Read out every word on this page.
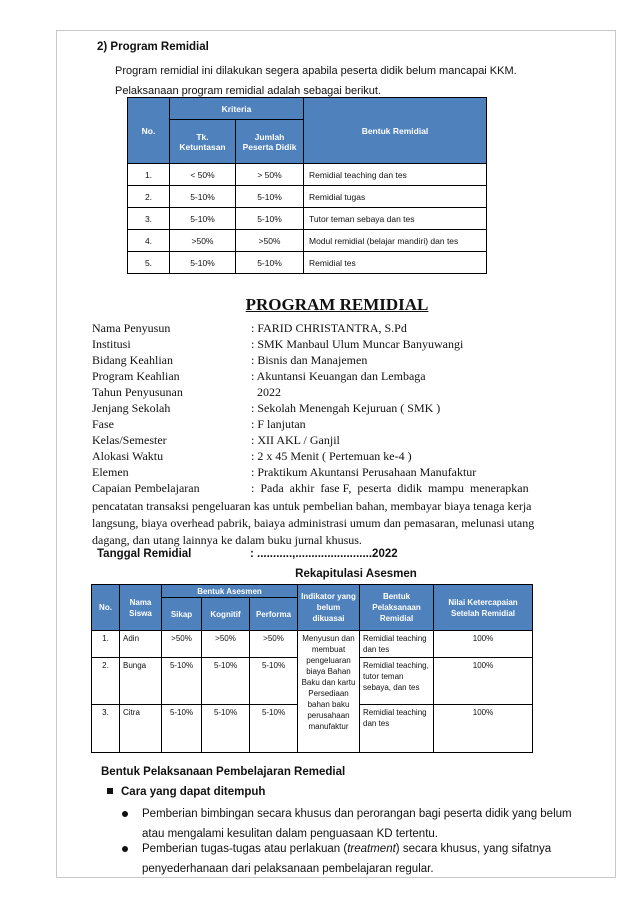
2) Program Remidial
Program remidial ini dilakukan segera apabila peserta didik belum mancapai KKM.
Pelaksanaan program remidial adalah sebagai berikut.
No.	Kriteria		Bentuk Remidial
	Tk. Ketuntasan	Jumlah Peserta Didik	
1.	< 50%	> 50%	Remidial teaching dan tes
2.	5-10%	5-10%	Remidial tugas
3.	5-10%	5-10%	Tutor teman sebaya dan tes
4.	>50%	>50%	Modul remidial (belajar mandiri) dan tes
5.	5-10%	5-10%	Remidial tes
PROGRAM REMIDIAL
Nama Penyusun	: FARID CHRISTANTRA, S.Pd
Institusi	: SMK Manbaul Ulum Muncar Banyuwangi
Bidang Keahlian	: Bisnis dan Manajemen
Program Keahlian	: Akuntansi Keuangan dan Lembaga
Tahun Penyusunan	2022
Jenjang Sekolah	: Sekolah Menengah Kejuruan ( SMK )
Fase	: F lanjutan
Kelas/Semester	: XII AKL / Ganjil
Alokasi Waktu	: 2 x 45 Menit ( Pertemuan ke-4 )
Elemen	: Praktikum Akuntansi Perusahaan Manufaktur
Capaian Pembelajaran	:  Pada  akhir  fase F,  peserta  didik  mampu  menerapkan
pencatatan transaksi pengeluaran kas untuk pembelian bahan, membayar biaya tenaga kerja
langsung, biaya overhead pabrik, baiaya administrasi umum dan pemasaran, melunasi utang
dagang, dan utang lainnya ke dalam buku jurnal khusus.
Tanggal Remidial	: ...........,........................2022
Rekapitulasi Asesmen
No.	Nama Siswa	Bentuk Asesmen			Indikator yang belum dikuasai	Bentuk Pelaksanaan Remidial	Nilai Ketercapaian Setelah Remidial
		Sikap	Kognitif	Performa			
1.	Adin	>50%	>50%	>50%	Menyusun dan membuat pengeluaran biaya Bahan Baku dan kartu Persediaan bahan baku perusahaan manufaktur	Remidial teaching dan tes	100%
2.	Bunga	5-10%	5-10%	5-10%		Remidial teaching, tutor teman sebaya, dan tes	100%
3.	Citra	5-10%	5-10%	5-10%		Remidial teaching dan tes	100%
Bentuk Pelaksanaan Pembelajaran Remedial
Cara yang dapat ditempuh
Pemberian bimbingan secara khusus dan perorangan bagi peserta didik yang belum
atau mengalami kesulitan dalam penguasaan KD tertentu.
Pemberian tugas-tugas atau perlakuan (treatment) secara khusus, yang sifatnya
penyederhanaan dari pelaksanaan pembelajaran regular.
